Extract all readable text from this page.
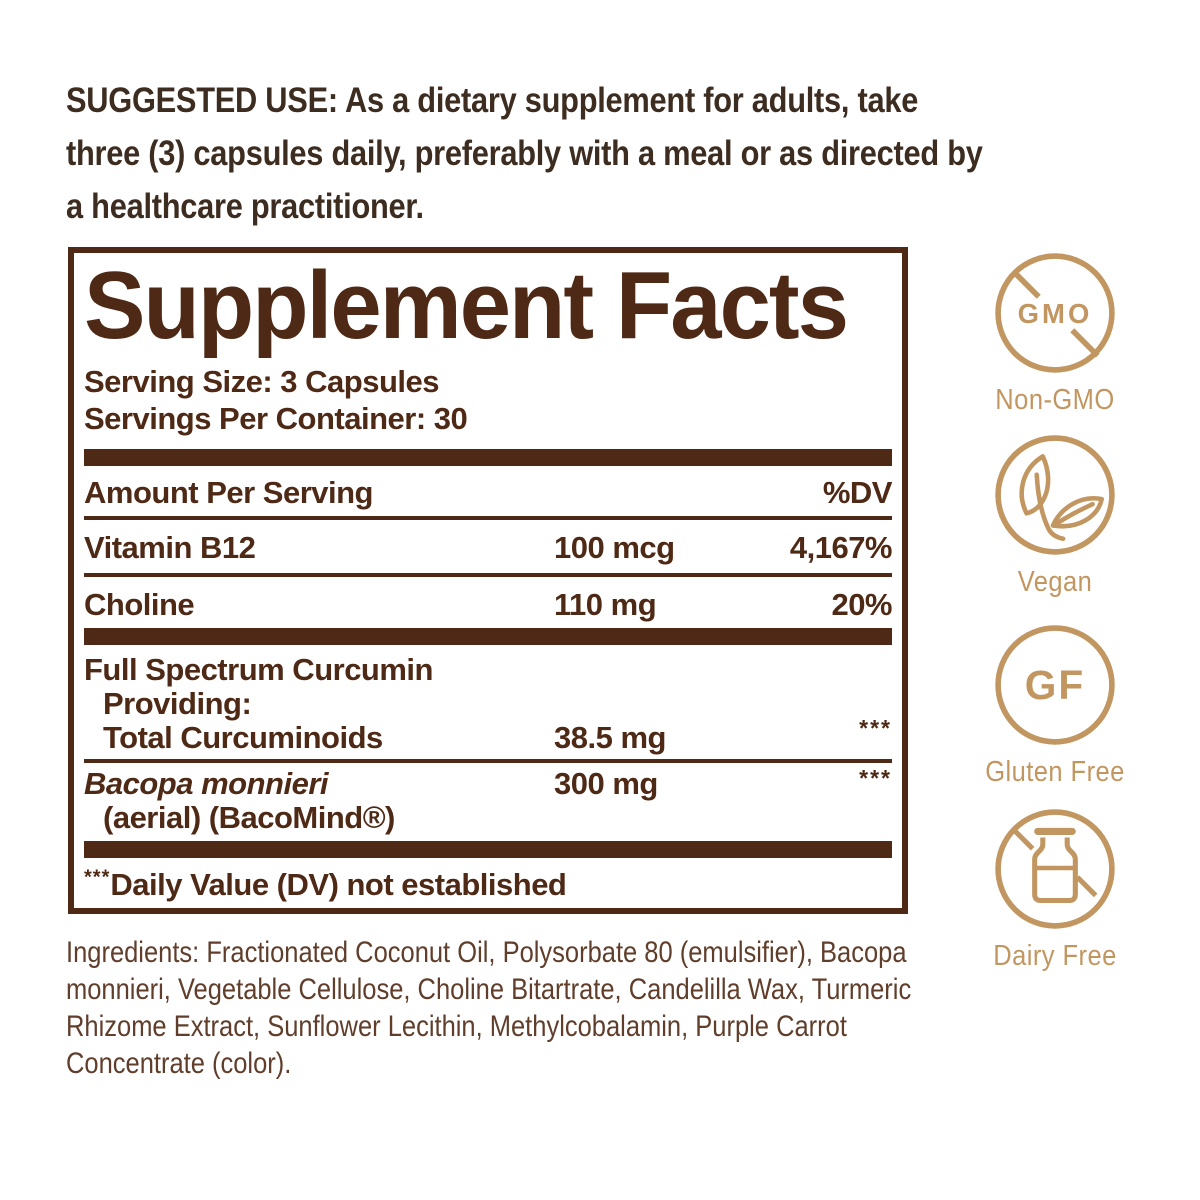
SUGGESTED USE: As a dietary supplement for adults, take three (3) capsules daily, preferably with a meal or as directed by a healthcare practitioner.

Supplement Facts
Serving Size: 3 Capsules
Servings Per Container: 30
Amount Per Serving	%DV
Vitamin B12	100 mcg	4,167%
Choline	110 mg	20%
Full Spectrum Curcumin
Providing:
Total Curcuminoids	38.5 mg	***
Bacopa monnieri
(aerial) (BacoMind®)
300 mg	***
***Daily Value (DV) not established

Ingredients: Fractionated Coconut Oil, Polysorbate 80 (emulsifier), Bacopa monnieri, Vegetable Cellulose, Choline Bitartrate, Candelilla Wax, Turmeric Rhizome Extract, Sunflower Lecithin, Methylcobalamin, Purple Carrot Concentrate (color).

GMO
Non-GMO
Vegan
GF
Gluten Free
Dairy Free
